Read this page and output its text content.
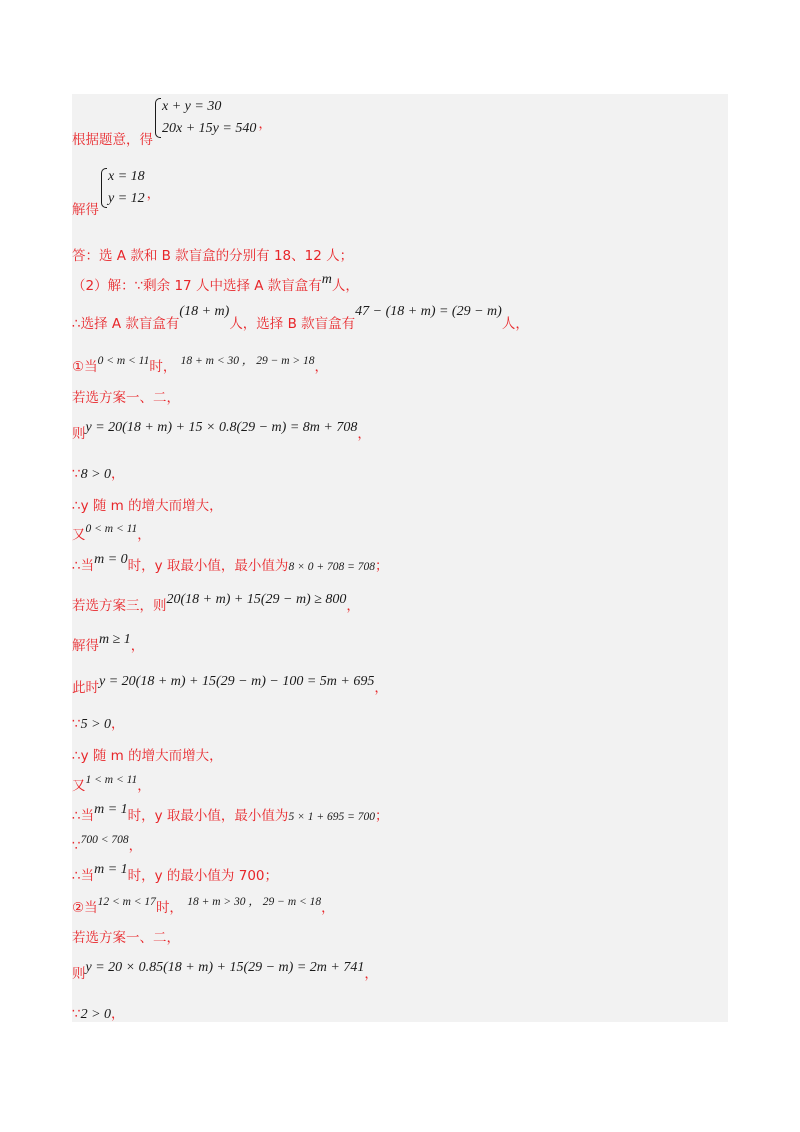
根据题意，得
x + y = 30
20x + 15y = 540 ，
解得
x = 18
y = 12 ，
答：选 A 款和 B 款盲盒的分别有 18、12 人；
（2）解：∵剩余 17 人中选择 A 款盲盒有m人，
∴选择 A 款盲盒有(18 + m)人，选择 B 款盲盒有47 − (18 + m) = (29 − m)人，
①当0 < m < 11时， 18 + m < 30 ， 29 − m > 18，
若选方案一、二，
则y = 20(18 + m) + 15 × 0.8(29 − m) = 8m + 708，
∵8 > 0，
∴y 随 m 的增大而增大，
又0 < m < 11，
∴当m = 0时，y 取最小值，最小值为8 × 0 + 708 = 708；
若选方案三，则20(18 + m) + 15(29 − m) ≥ 800，
解得m ≥ 1，
此时y = 20(18 + m) + 15(29 − m) − 100 = 5m + 695，
∵5 > 0，
∴y 随 m 的增大而增大，
又1 < m < 11，
∴当m = 1时，y 取最小值，最小值为5 × 1 + 695 = 700；
∵700 < 708，
∴当m = 1时，y 的最小值为 700；
②当12 < m < 17时， 18 + m > 30 ， 29 − m < 18，
若选方案一、二，
则y = 20 × 0.85(18 + m) + 15(29 − m) = 2m + 741，
∵2 > 0，
